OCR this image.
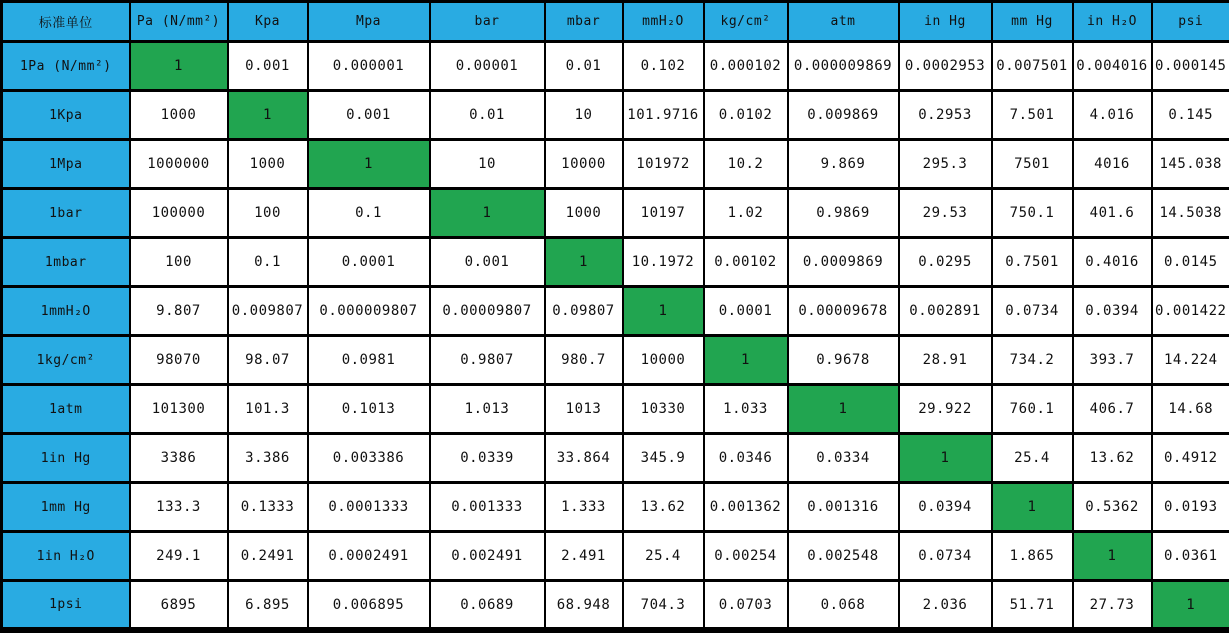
标准单位	Pa (N/mm²)	Kpa	Mpa	bar	mbar	mmH₂O	kg/cm²	atm	in Hg	mm Hg	in H₂O	psi
1Pa (N/mm²)	1	0.001	0.000001	0.00001	0.01	0.102	0.000102	0.000009869	0.0002953	0.007501	0.004016	0.000145
1Kpa	1000	1	0.001	0.01	10	101.9716	0.0102	0.009869	0.2953	7.501	4.016	0.145
1Mpa	1000000	1000	1	10	10000	101972	10.2	9.869	295.3	7501	4016	145.038
1bar	100000	100	0.1	1	1000	10197	1.02	0.9869	29.53	750.1	401.6	14.5038
1mbar	100	0.1	0.0001	0.001	1	10.1972	0.00102	0.0009869	0.0295	0.7501	0.4016	0.0145
1mmH₂O	9.807	0.009807	0.000009807	0.00009807	0.09807	1	0.0001	0.00009678	0.002891	0.0734	0.0394	0.001422
1kg/cm²	98070	98.07	0.0981	0.9807	980.7	10000	1	0.9678	28.91	734.2	393.7	14.224
1atm	101300	101.3	0.1013	1.013	1013	10330	1.033	1	29.922	760.1	406.7	14.68
1in Hg	3386	3.386	0.003386	0.0339	33.864	345.9	0.0346	0.0334	1	25.4	13.62	0.4912
1mm Hg	133.3	0.1333	0.0001333	0.001333	1.333	13.62	0.001362	0.001316	0.0394	1	0.5362	0.0193
1in H₂O	249.1	0.2491	0.0002491	0.002491	2.491	25.4	0.00254	0.002548	0.0734	1.865	1	0.0361
1psi	6895	6.895	0.006895	0.0689	68.948	704.3	0.0703	0.068	2.036	51.71	27.73	1
